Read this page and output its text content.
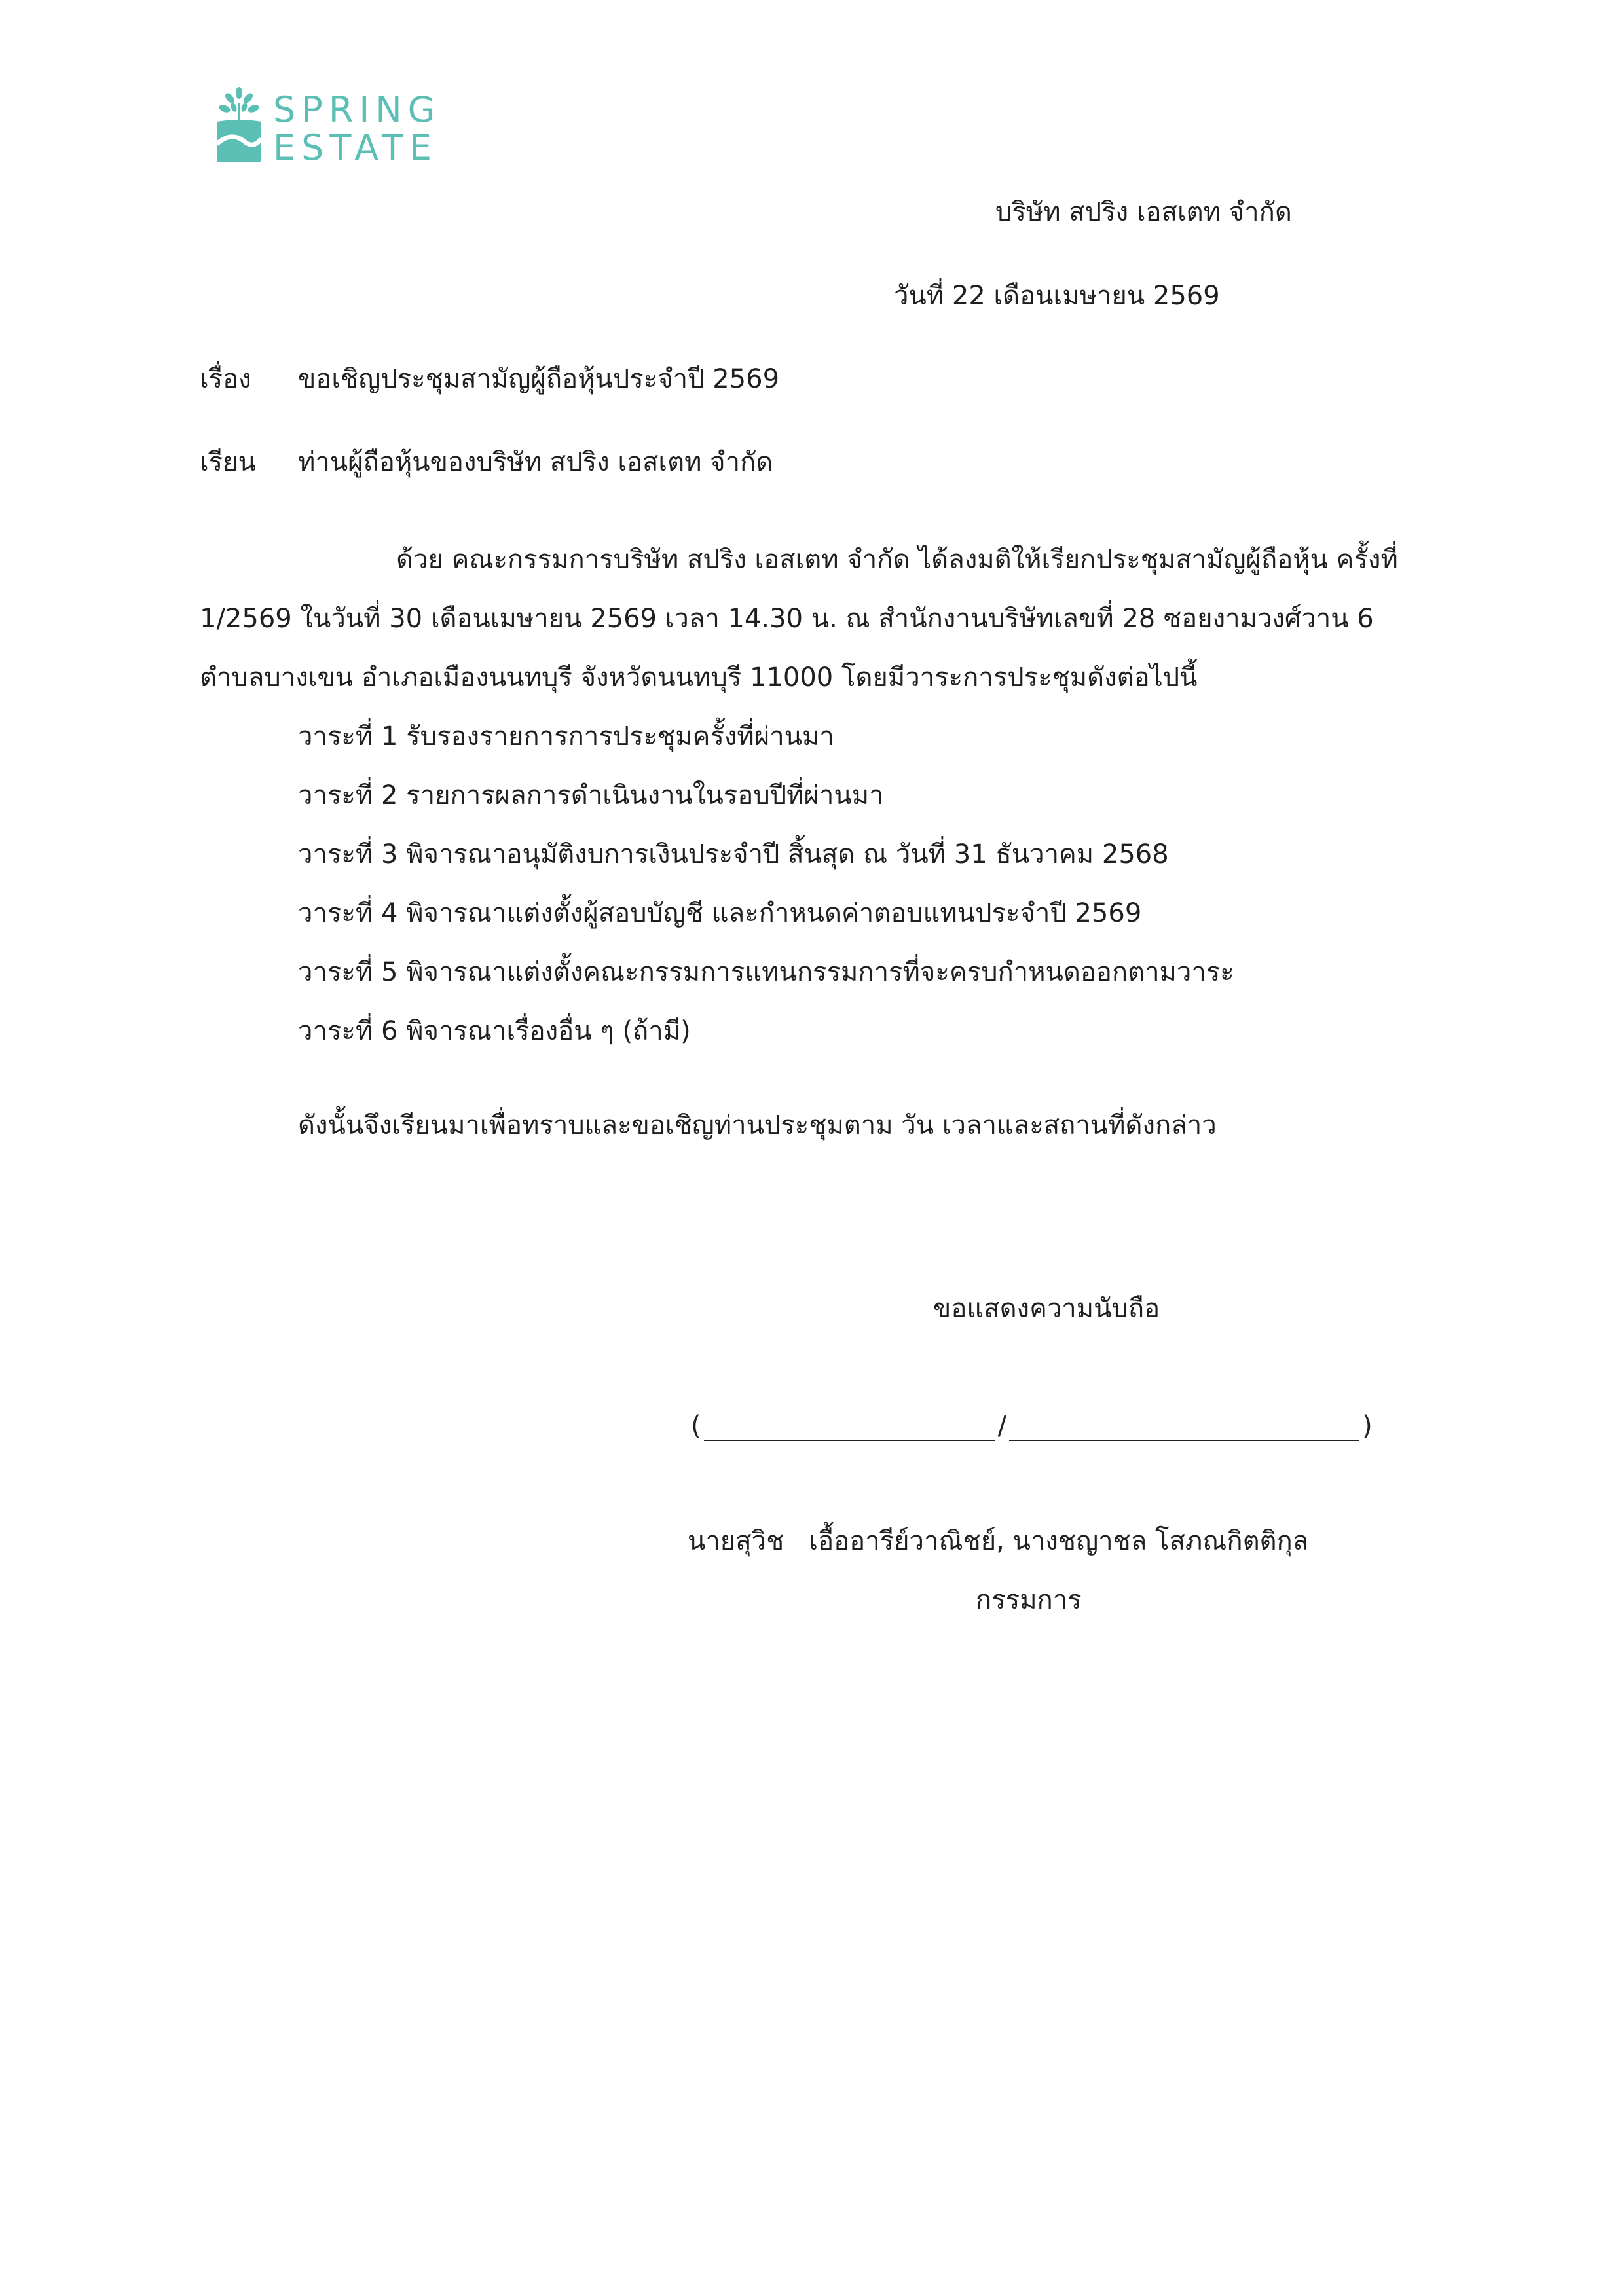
SPRING
ESTATE
บริษัท สปริง เอสเตท จำกัด
วันที่ 22 เดือนเมษายน 2569
เรื่อง ขอเชิญประชุมสามัญผู้ถือหุ้นประจำปี 2569
เรียน ท่านผู้ถือหุ้นของบริษัท สปริง เอสเตท จำกัด
ด้วย คณะกรรมการบริษัท สปริง เอสเตท จำกัด ได้ลงมติให้เรียกประชุมสามัญผู้ถือหุ้น ครั้งที่
1/2569 ในวันที่ 30 เดือนเมษายน 2569 เวลา 14.30 น. ณ สำนักงานบริษัทเลขที่ 28 ซอยงามวงศ์วาน 6
ตำบลบางเขน อำเภอเมืองนนทบุรี จังหวัดนนทบุรี 11000 โดยมีวาระการประชุมดังต่อไปนี้
วาระที่ 1 รับรองรายการการประชุมครั้งที่ผ่านมา
วาระที่ 2 รายการผลการดำเนินงานในรอบปีที่ผ่านมา
วาระที่ 3 พิจารณาอนุมัติงบการเงินประจำปี สิ้นสุด ณ วันที่ 31 ธันวาคม 2568
วาระที่ 4 พิจารณาแต่งตั้งผู้สอบบัญชี และกำหนดค่าตอบแทนประจำปี 2569
วาระที่ 5 พิจารณาแต่งตั้งคณะกรรมการแทนกรรมการที่จะครบกำหนดออกตามวาระ
วาระที่ 6 พิจารณาเรื่องอื่น ๆ (ถ้ามี)
ดังนั้นจึงเรียนมาเพื่อทราบและขอเชิญท่านประชุมตาม วัน เวลาและสถานที่ดังกล่าว
ขอแสดงความนับถือ
(	/	)
นายสุวิช   เอื้ออารีย์วาณิชย์, นางชญาชล โสภณกิตติกุล
กรรมการ
